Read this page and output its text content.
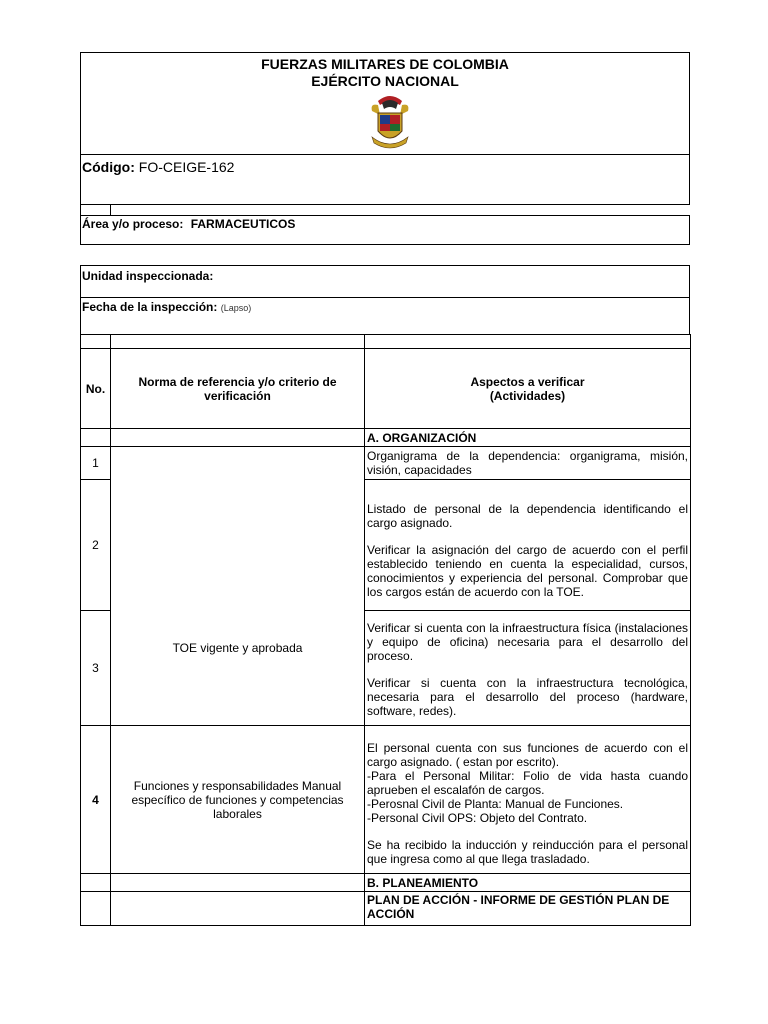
FUERZAS MILITARES DE COLOMBIA
EJÉRCITO NACIONAL
Código: FO-CEIGE-162
Área y/o proceso: FARMACEUTICOS
Unidad inspeccionada:
Fecha de la inspección: (Lapso)

No.	Norma de referencia y/o criterio de verificación	Aspectos a verificar
(Actividades)

		A. ORGANIZACIÓN
1	TOE vigente y aprobada	Organigrama de la dependencia: organigrama, misión, visión, capacidades

2		Listado de personal de la dependencia identificando el cargo asignado.

Verificar la asignación del cargo de acuerdo con el perfil establecido teniendo en cuenta la especialidad, cursos, conocimientos y experiencia del personal. Comprobar que los cargos están de acuerdo con la TOE.

3		Verificar si cuenta con la infraestructura física (instalaciones y equipo de oficina) necesaria para el desarrollo del proceso.

Verificar si cuenta con la infraestructura tecnológica, necesaria para el desarrollo del proceso (hardware, software, redes).

4	Funciones y responsabilidades Manual específico de funciones y competencias laborales	El personal cuenta con sus funciones de acuerdo con el cargo asignado. ( estan por escrito).

-Para el Personal Militar: Folio de vida hasta cuando aprueben el escalafón de cargos.

-Perosnal Civil de Planta: Manual de Funciones.

-Personal Civil OPS: Objeto del Contrato.

Se ha recibido la inducción y reinducción para el personal que ingresa como al que llega trasladado.

		B. PLANEAMIENTO
		PLAN DE ACCIÓN - INFORME DE GESTIÓN PLAN DE ACCIÓN
